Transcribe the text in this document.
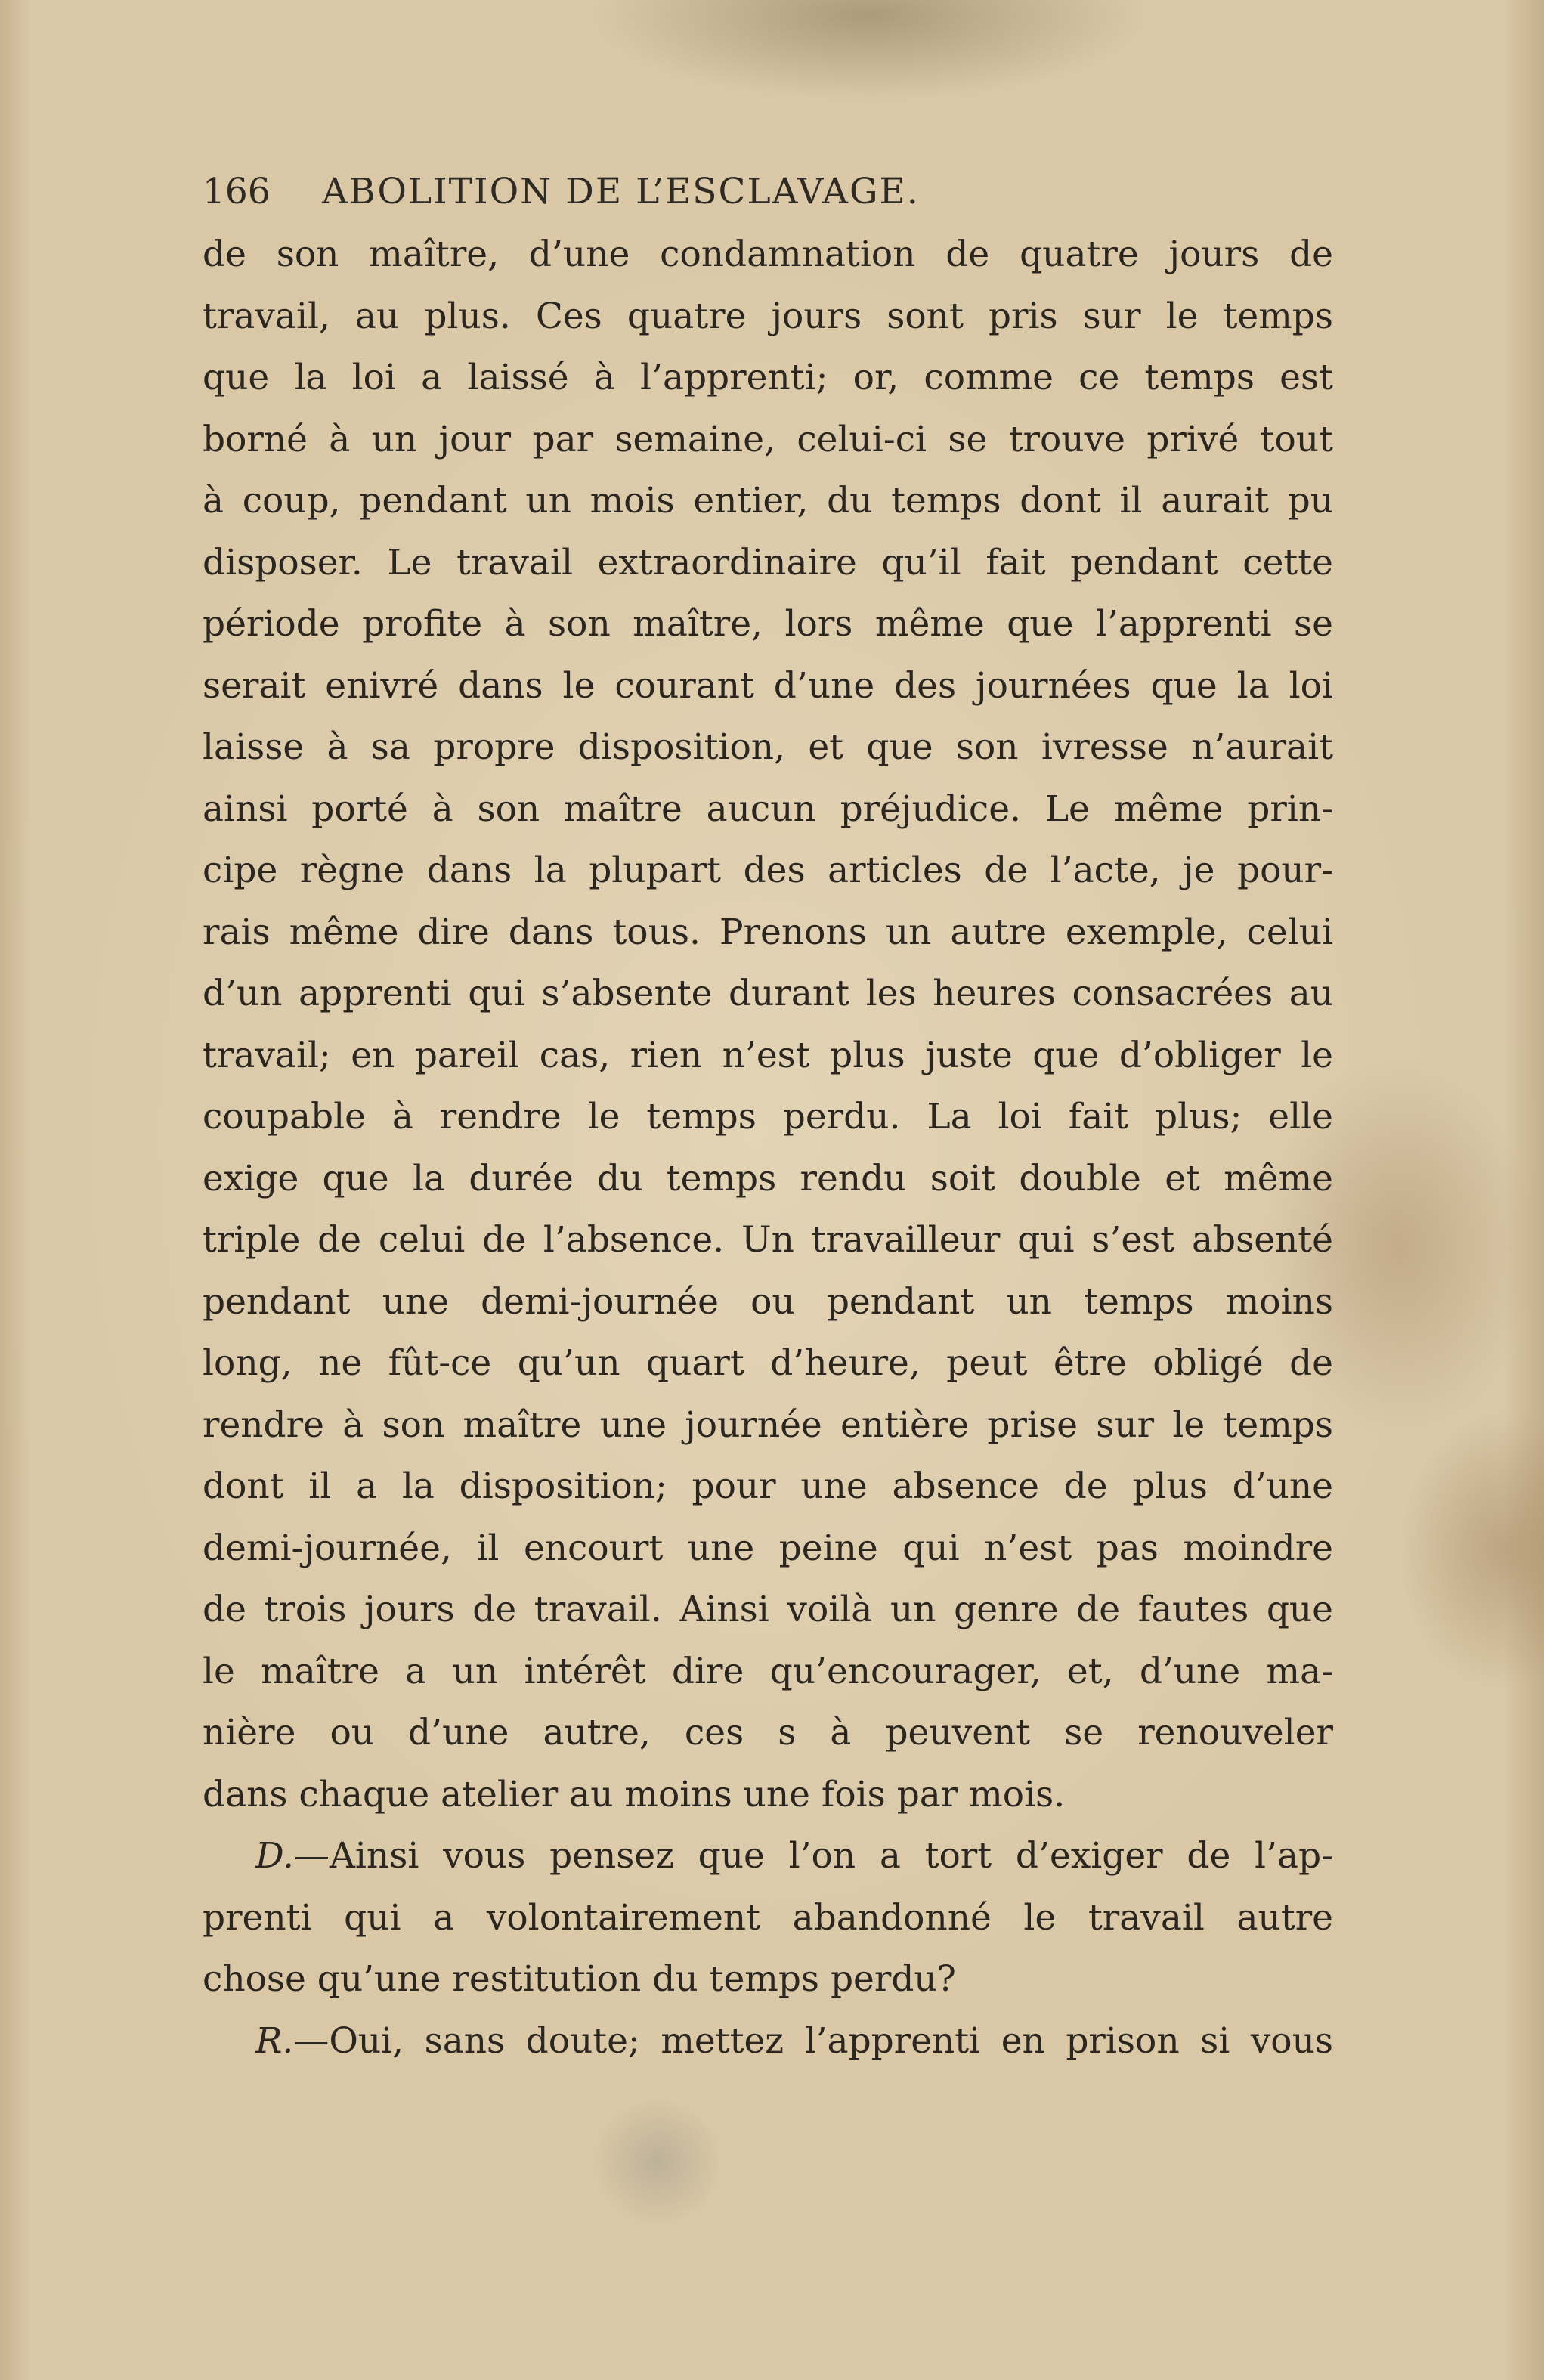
166	ABOLITION DE L’ESCLAVAGE.
de son maître, d’une condamnation de quatre jours de
travail, au plus. Ces quatre jours sont pris sur le temps
que la loi a laissé à l’apprenti; or, comme ce temps est
borné à un jour par semaine, celui-ci se trouve privé tout
à coup, pendant un mois entier, du temps dont il aurait pu
disposer. Le travail extraordinaire qu’il fait pendant cette
période profite à son maître, lors même que l’apprenti se
serait enivré dans le courant d’une des journées que la loi
laisse à sa propre disposition, et que son ivresse n’aurait
ainsi porté à son maître aucun préjudice. Le même prin-
cipe règne dans la plupart des articles de l’acte, je pour-
rais même dire dans tous. Prenons un autre exemple, celui
d’un apprenti qui s’absente durant les heures consacrées au
travail; en pareil cas, rien n’est plus juste que d’obliger le
coupable à rendre le temps perdu. La loi fait plus; elle
exige que la durée du temps rendu soit double et même
triple de celui de l’absence. Un travailleur qui s’est absenté
pendant une demi-journée ou pendant un temps moins
long, ne fût-ce qu’un quart d’heure, peut être obligé de
rendre à son maître une journée entière prise sur le temps
dont il a la disposition; pour une absence de plus d’une
demi-journée, il encourt une peine qui n’est pas moindre
de trois jours de travail. Ainsi voilà un genre de fautes que
le maître a un intérêt dire qu’encourager, et, d’une ma-
nière ou d’une autre, ces s à peuvent se renouveler
dans chaque atelier au moins une fois par mois.
D.—Ainsi vous pensez que l’on a tort d’exiger de l’ap-
prenti qui a volontairement abandonné le travail autre
chose qu’une restitution du temps perdu?
R.—Oui, sans doute; mettez l’apprenti en prison si vous
